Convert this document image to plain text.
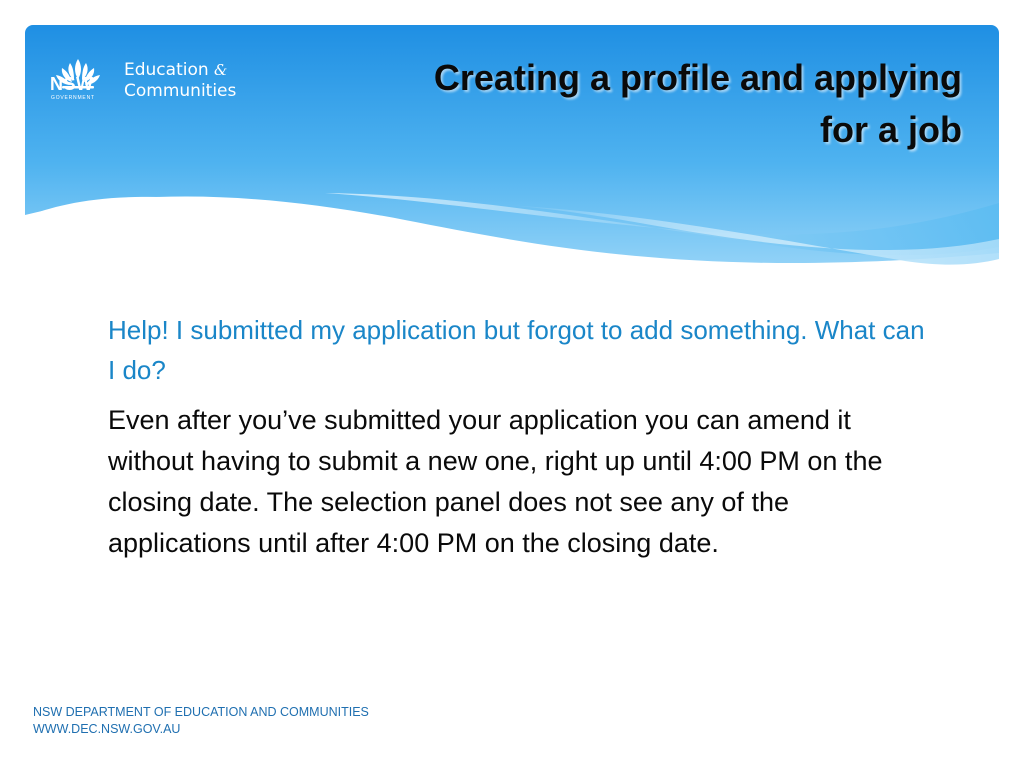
NSW
GOVERNMENT
Education &
Communities	Creating a profile and applying for a job

Help! I submitted my application but forgot to add something. What can I do?

Even after you’ve submitted your application you can amend it without having to submit a new one, right up until 4:00 PM on the closing date. The selection panel does not see any of the applications until after 4:00 PM on the closing date.

NSW DEPARTMENT OF EDUCATION AND COMMUNITIES
WWW.DEC.NSW.GOV.AU
